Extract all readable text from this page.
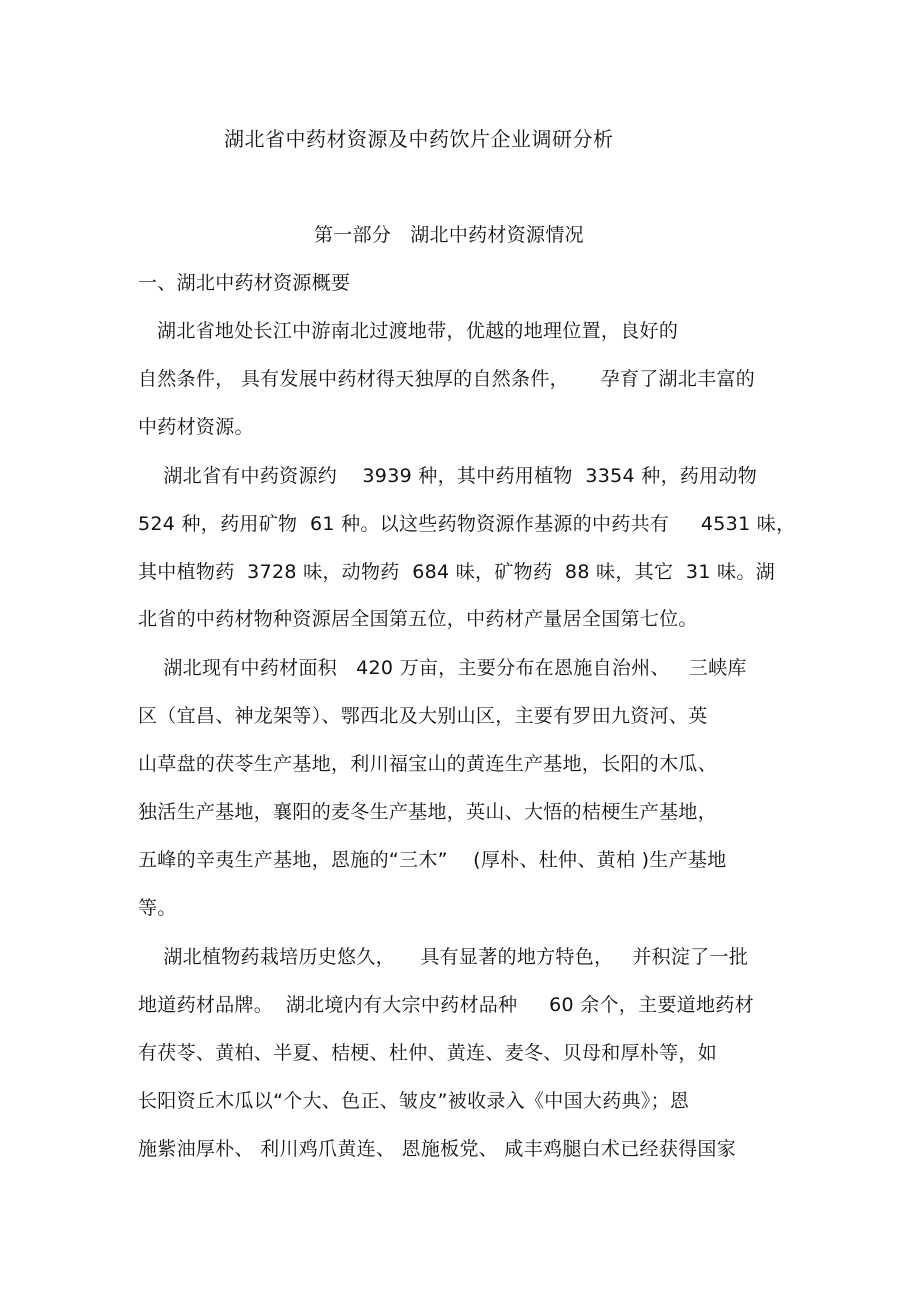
湖北省中药材资源及中药饮片企业调研分析
第一部分   湖北中药材资源情况
一、湖北中药材资源概要
湖北省地处长江中游南北过渡地带，优越的地理位置，良好的
自然条件， 具有发展中药材得天独厚的自然条件，     孕育了湖北丰富的
中药材资源。
湖北省有中药资源约    3939 种，其中药用植物  3354 种，药用动物
524 种，药用矿物  61 种。以这些药物资源作基源的中药共有     4531 味，
其中植物药  3728 味，动物药  684 味，矿物药  88 味，其它  31 味。湖
北省的中药材物种资源居全国第五位，中药材产量居全国第七位。
湖北现有中药材面积   420 万亩，主要分布在恩施自治州、   三峡库
区（宜昌、神龙架等）、鄂西北及大别山区，主要有罗田九资河、英
山草盘的茯苓生产基地，利川福宝山的黄连生产基地，长阳的木瓜、
独活生产基地，襄阳的麦冬生产基地，英山、大悟的桔梗生产基地，
五峰的辛夷生产基地，恩施的“三木”    (厚朴、杜仲、黄柏 )生产基地
等。
湖北植物药栽培历史悠久，    具有显著的地方特色，   并积淀了一批
地道药材品牌。  湖北境内有大宗中药材品种     60 余个，主要道地药材
有茯苓、黄柏、半夏、桔梗、杜仲、黄连、麦冬、贝母和厚朴等，如
长阳资丘木瓜以“个大、色正、皱皮”被收录入《中国大药典》；恩
施紫油厚朴、 利川鸡爪黄连、 恩施板党、 咸丰鸡腿白术已经获得国家
